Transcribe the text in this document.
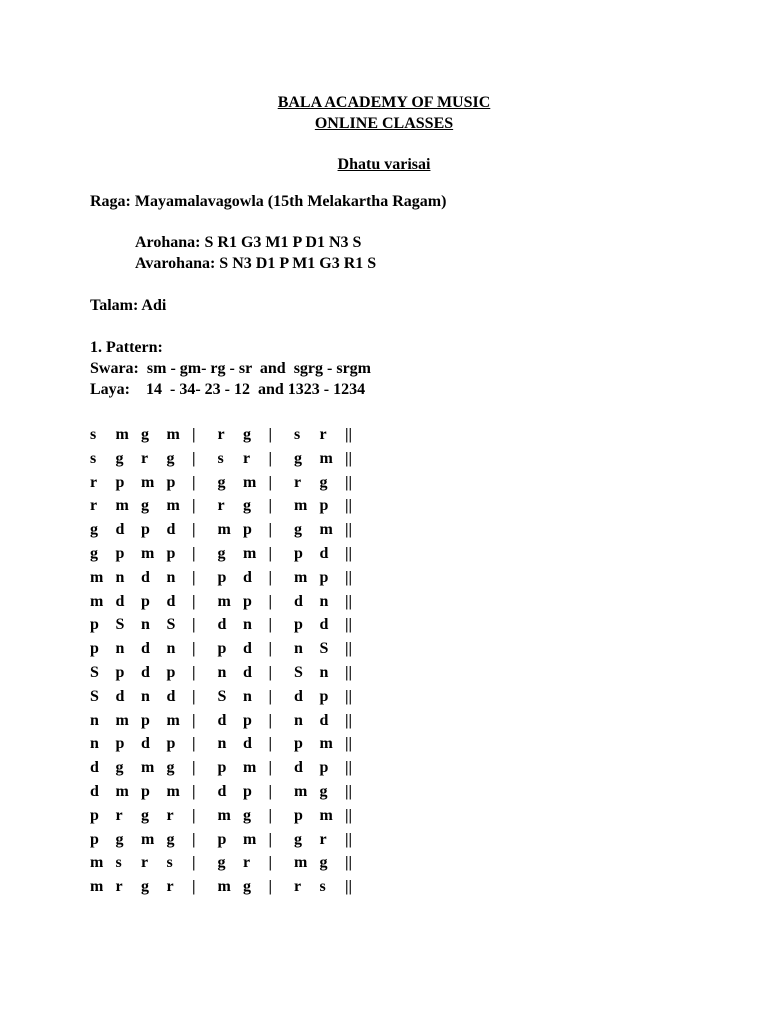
BALA ACADEMY OF MUSIC
ONLINE CLASSES
Dhatu varisai
Raga: Mayamalavagowla (15th Melakartha Ragam)
Arohana: S R1 G3 M1 P D1 N3 S
Avarohana: S N3 D1 P M1 G3 R1 S
Talam: Adi
1. Pattern:
Swara:  sm - gm- rg - sr  and  sgrg - srgm
Laya:    14  - 34- 23 - 12  and 1323 - 1234
s m g m | r g | s r ||
s g r g | s r | g m ||
r p m p | g m | r g ||
r m g m | r g | m p ||
g d p d | m p | g m ||
g p m p | g m | p d ||
m n d n | p d | m p ||
m d p d | m p | d n ||
p S n S | d n | p d ||
p n d n | p d | n S ||
S p d p | n d | S n ||
S d n d | S n | d p ||
n m p m | d p | n d ||
n p d p | n d | p m ||
d g m g | p m | d p ||
d m p m | d p | m g ||
p r g r | m g | p m ||
p g m g | p m | g r ||
m s r s | g r | m g ||
m r g r | m g | r s ||
